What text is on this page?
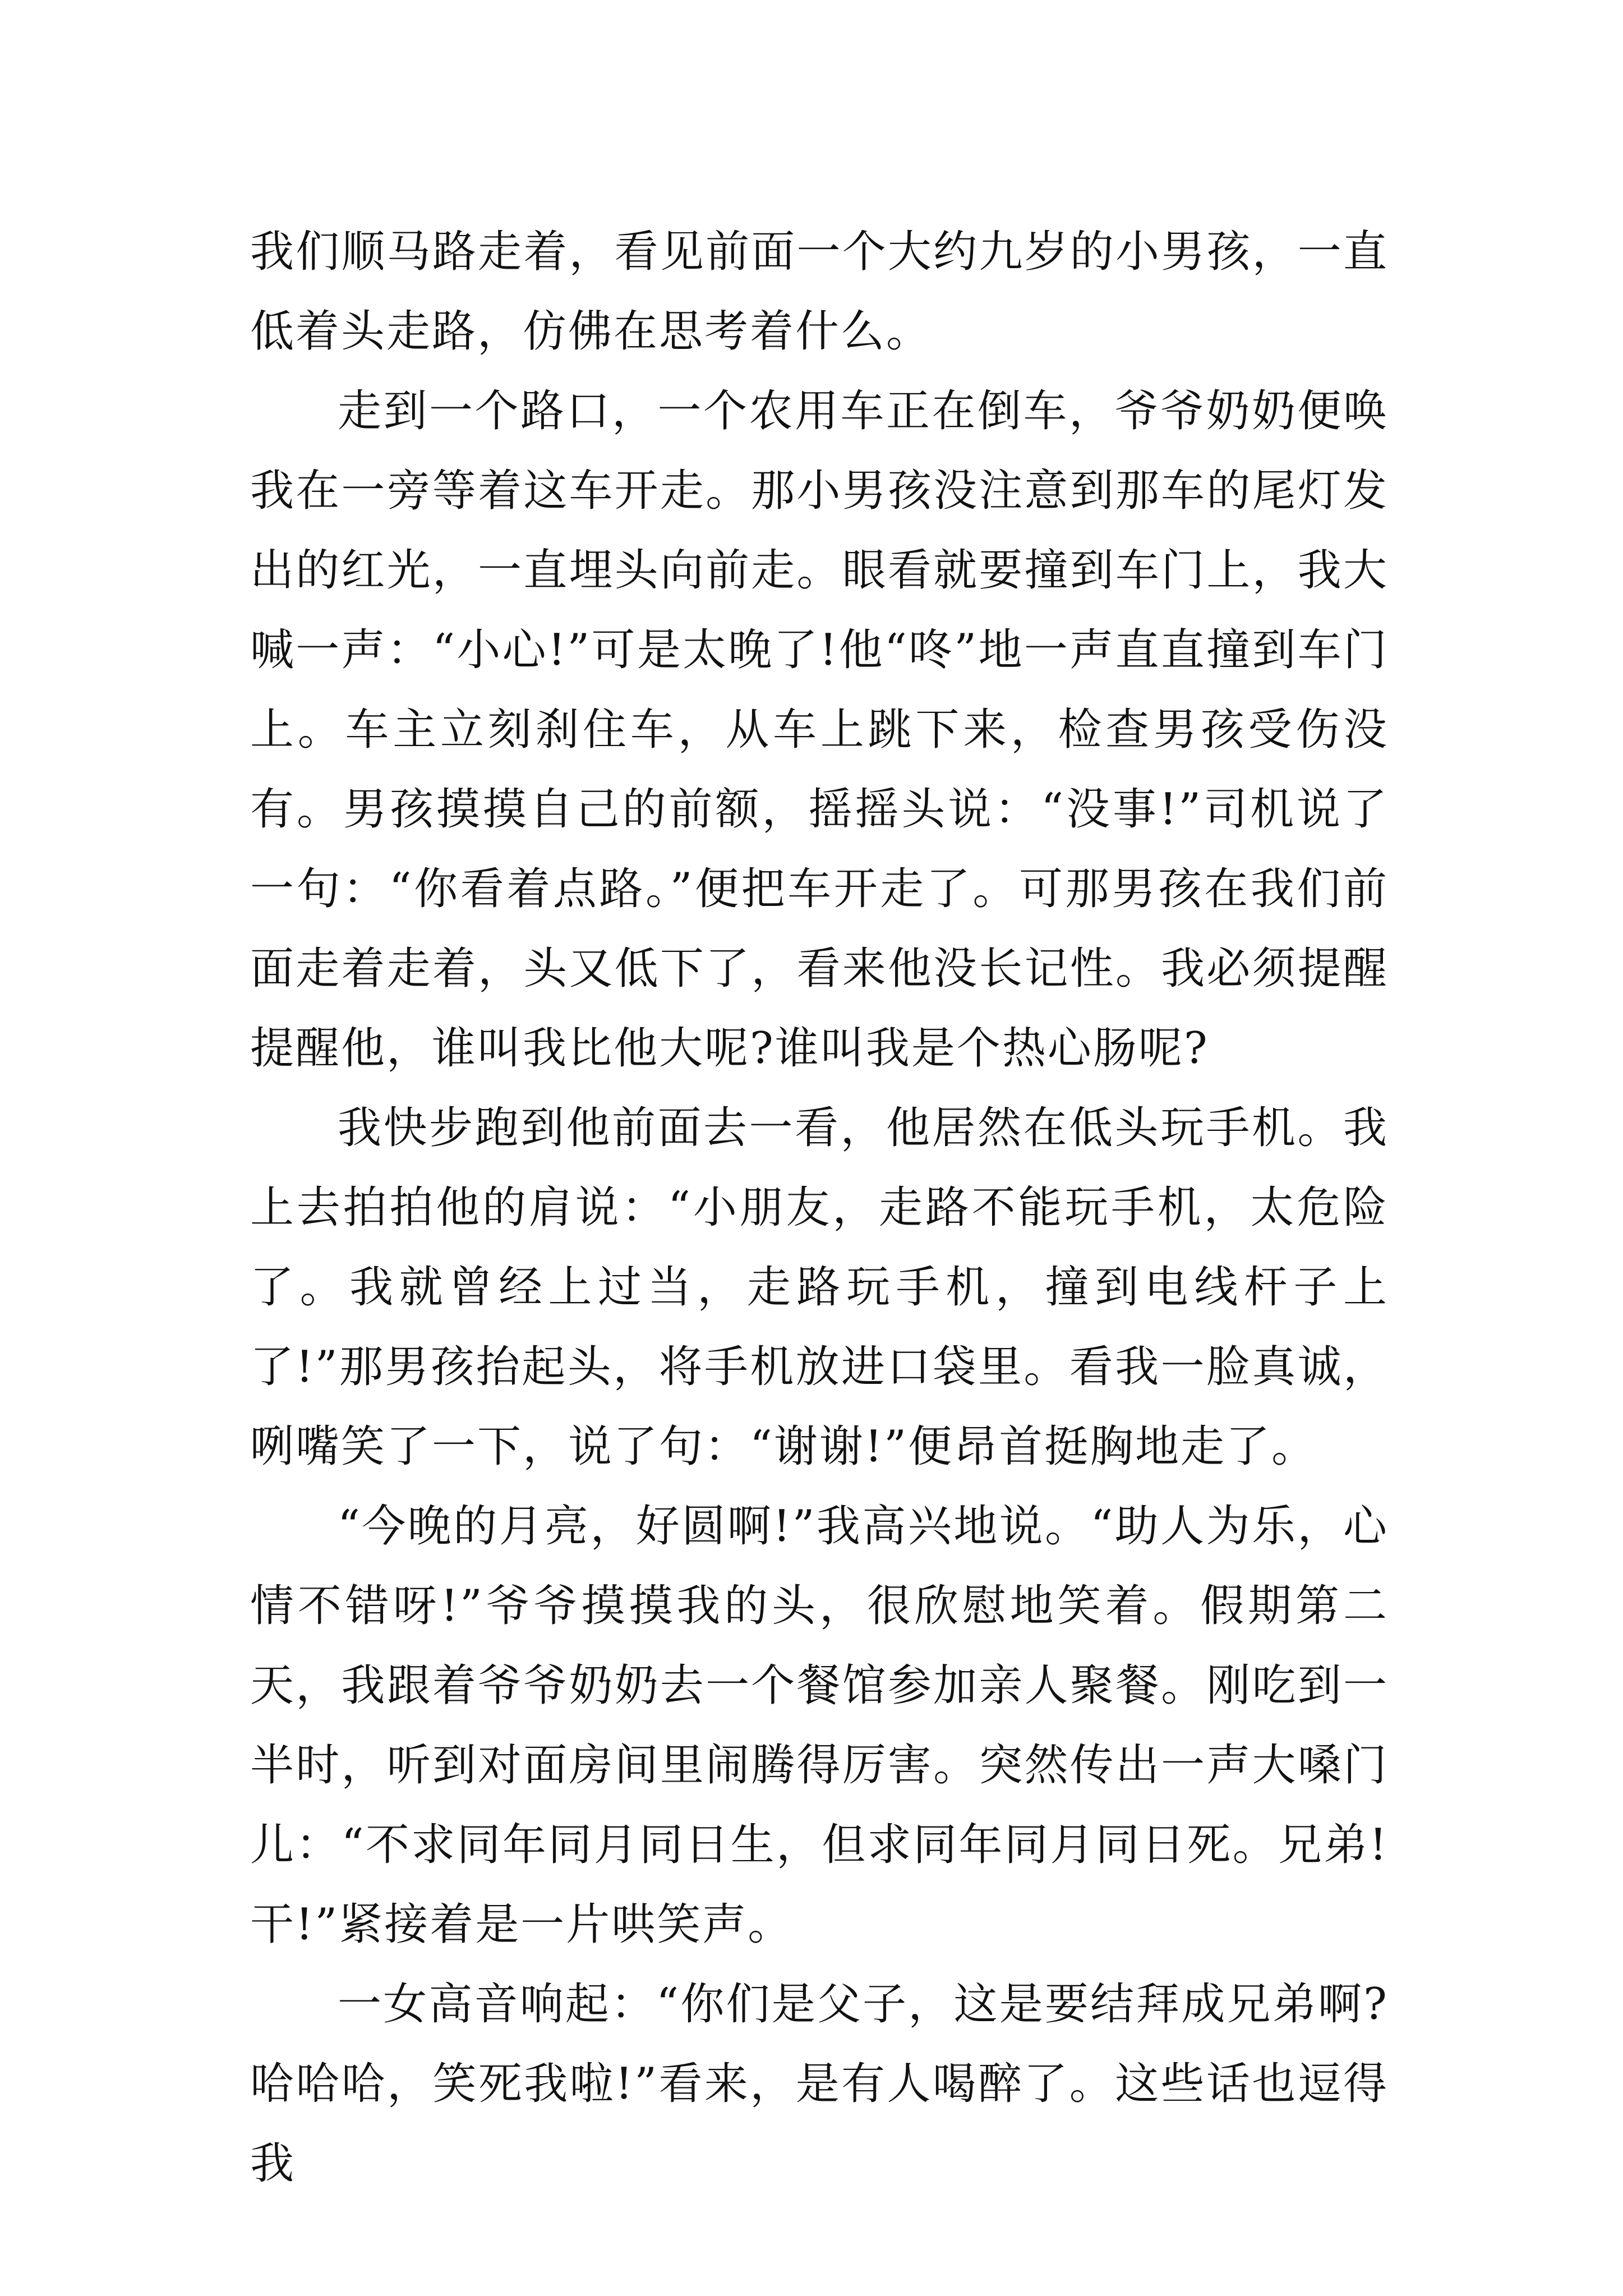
我们顺马路走着，看见前面一个大约九岁的小男孩，一直低着头走路，仿佛在思考着什么。

走到一个路口，一个农用车正在倒车，爷爷奶奶便唤我在一旁等着这车开走。那小男孩没注意到那车的尾灯发出的红光，一直埋头向前走。眼看就要撞到车门上，我大喊一声：“小心!”可是太晚了!他“咚”地一声直直撞到车门上。车主立刻刹住车，从车上跳下来，检查男孩受伤没有。男孩摸摸自己的前额，摇摇头说：“没事!”司机说了一句：“你看着点路。”便把车开走了。可那男孩在我们前面走着走着，头又低下了，看来他没长记性。我必须提醒提醒他，谁叫我比他大呢?谁叫我是个热心肠呢?

我快步跑到他前面去一看，他居然在低头玩手机。我上去拍拍他的肩说：“小朋友，走路不能玩手机，太危险了。我就曾经上过当，走路玩手机，撞到电线杆子上了!”那男孩抬起头，将手机放进口袋里。看我一脸真诚，咧嘴笑了一下，说了句：“谢谢!”便昂首挺胸地走了。

“今晚的月亮，好圆啊!”我高兴地说。“助人为乐，心情不错呀!”爷爷摸摸我的头，很欣慰地笑着。假期第二天，我跟着爷爷奶奶去一个餐馆参加亲人聚餐。刚吃到一半时，听到对面房间里闹腾得厉害。突然传出一声大嗓门儿：“不求同年同月同日生，但求同年同月同日死。兄弟!干!”紧接着是一片哄笑声。

一女高音响起：“你们是父子，这是要结拜成兄弟啊?哈哈哈，笑死我啦!”看来，是有人喝醉了。这些话也逗得我
